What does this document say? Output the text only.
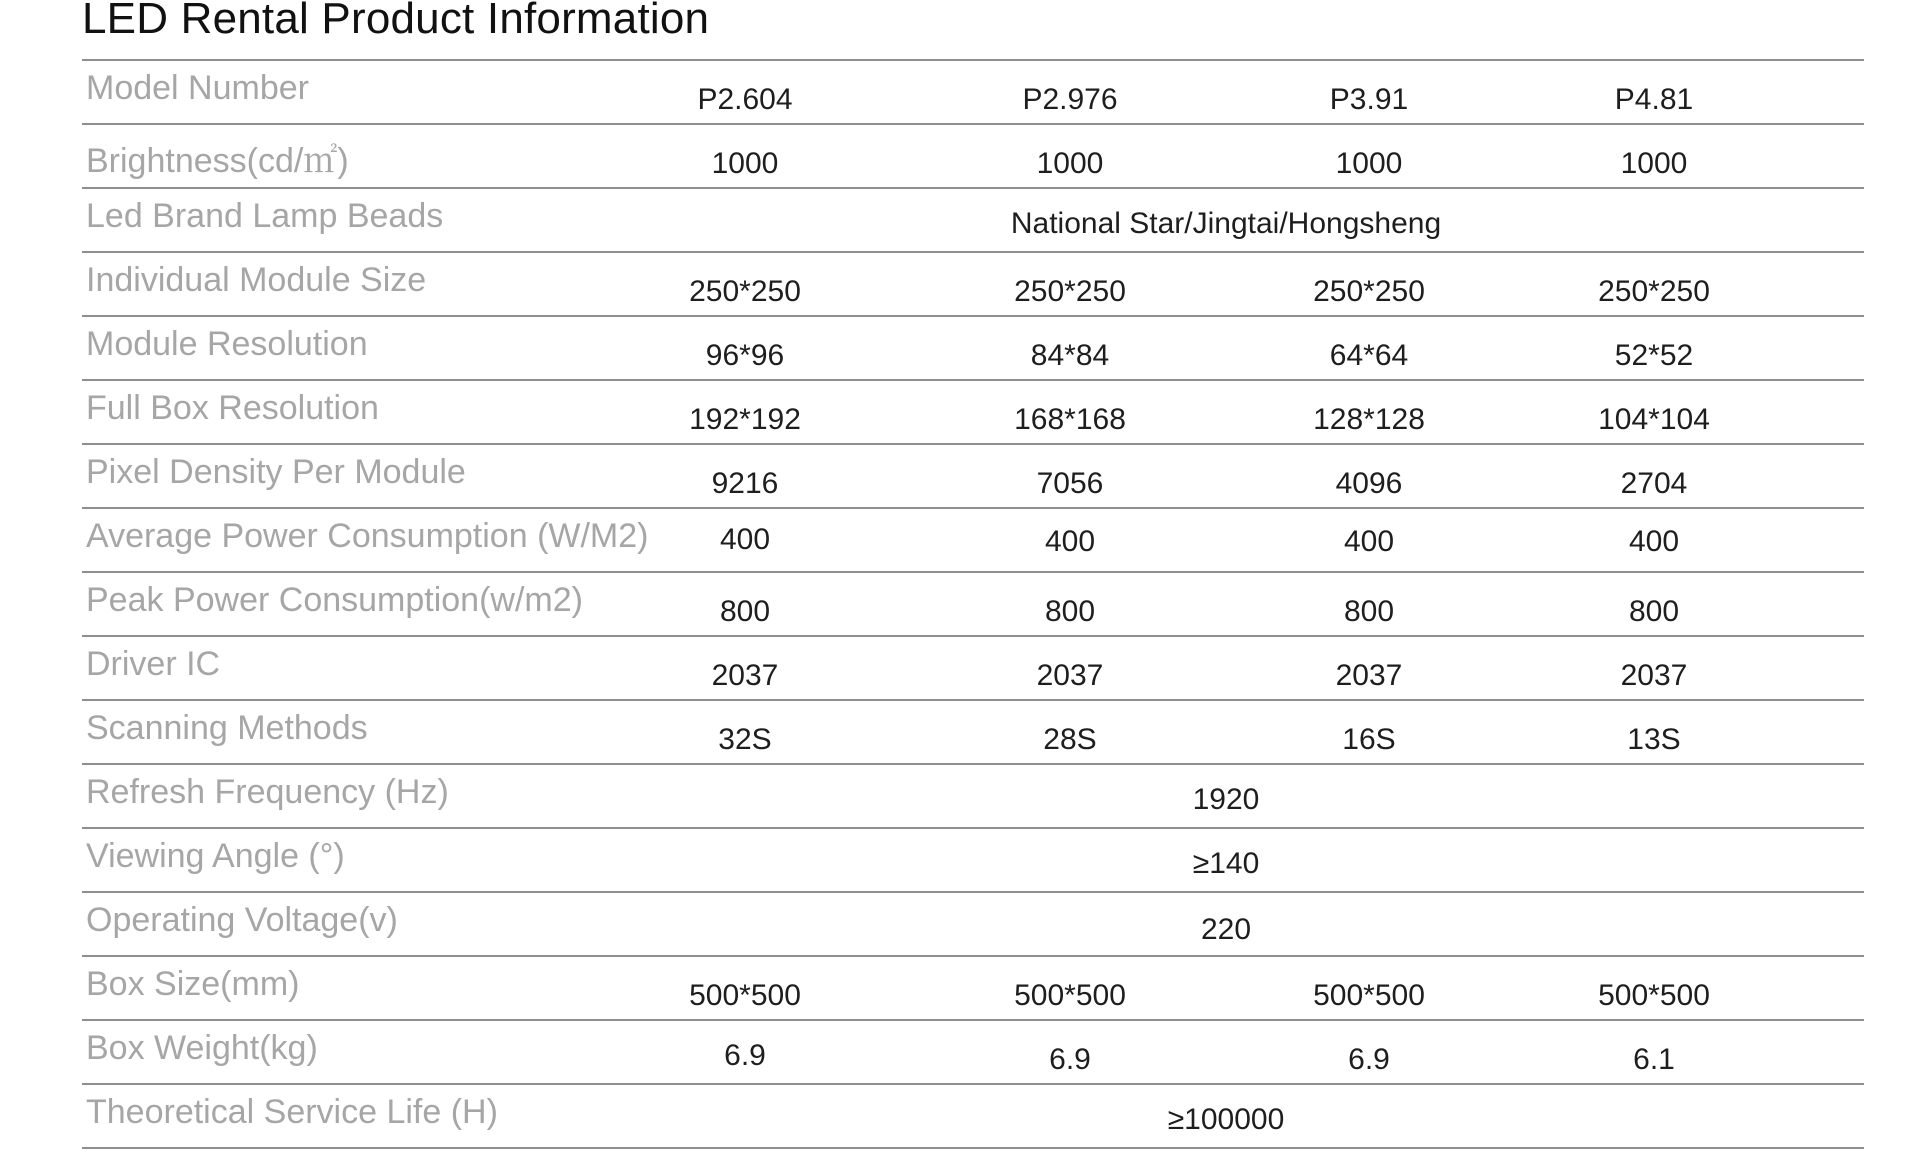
LED Rental Product Information
Model Number	P2.604	P2.976	P3.91	P4.81
Brightness(cd/㎡)	1000	1000	1000	1000
Led Brand Lamp Beads	National Star/Jingtai/Hongsheng
Individual Module Size	250*250	250*250	250*250	250*250
Module Resolution	96*96	84*84	64*64	52*52
Full Box Resolution	192*192	168*168	128*128	104*104
Pixel Density Per Module	9216	7056	4096	2704
Average Power Consumption (W/M2) 400	400	400	400
Peak Power Consumption(w/m2)	800	800	800	800
Driver IC	2037	2037	2037	2037
Scanning Methods	32S	28S	16S	13S
Refresh Frequency (Hz)	1920
Viewing Angle (°)	≥140
Operating Voltage(v)	220
Box Size(mm)	500*500	500*500	500*500	500*500
Box Weight(kg)	6.9	6.9	6.9	6.1
Theoretical Service Life (H)	≥100000
